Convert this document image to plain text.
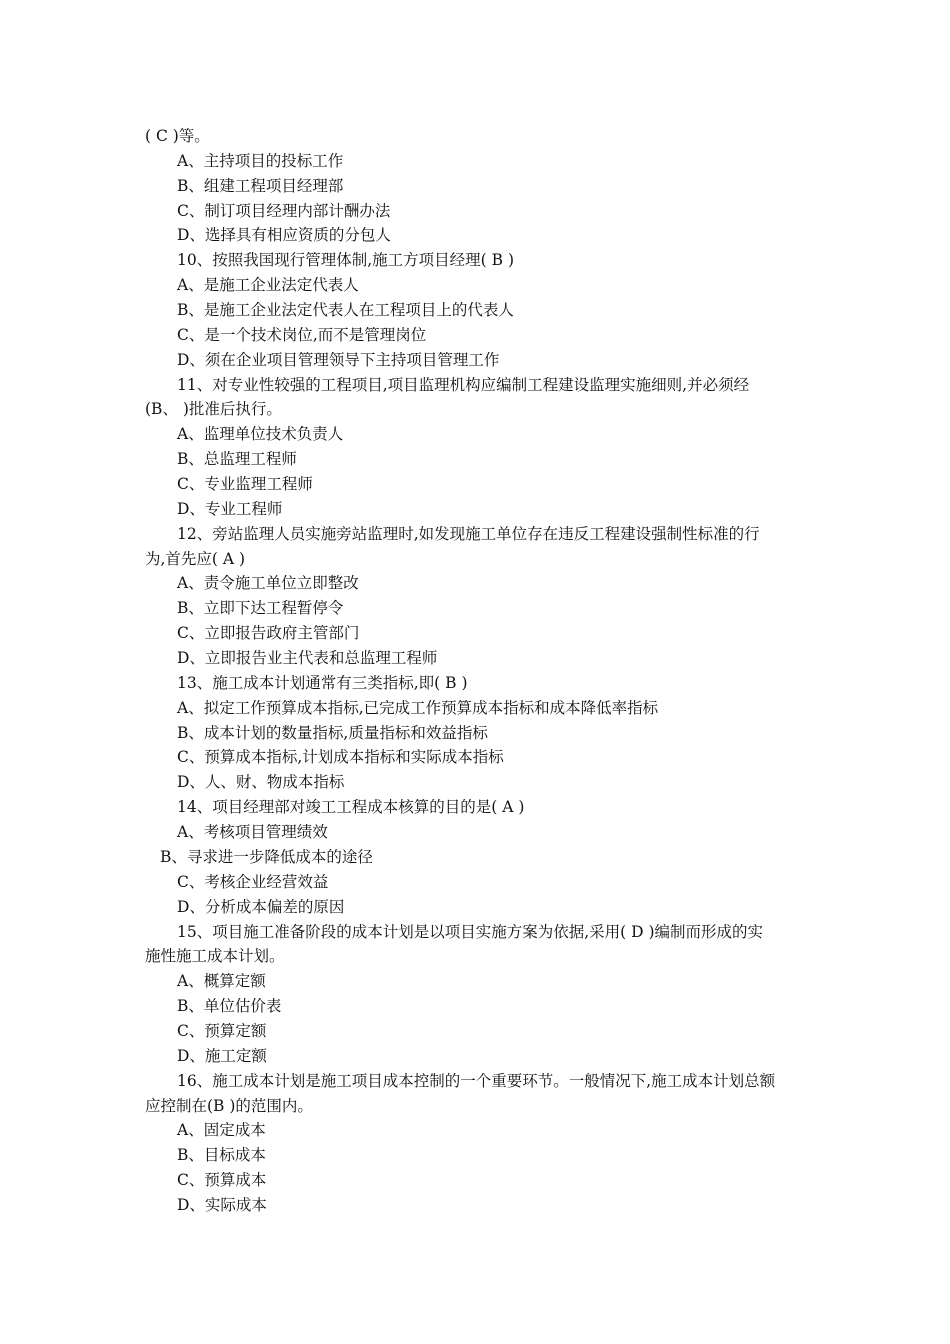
( C )等。
A、主持项目的投标工作
B、组建工程项目经理部
C、制订项目经理内部计酬办法
D、选择具有相应资质的分包人
10、按照我国现行管理体制,施工方项目经理( B )
A、是施工企业法定代表人
B、是施工企业法定代表人在工程项目上的代表人
C、是一个技术岗位,而不是管理岗位
D、须在企业项目管理领导下主持项目管理工作
11、对专业性较强的工程项目,项目监理机构应编制工程建设监理实施细则,并必须经
(B、 )批准后执行。
A、监理单位技术负责人
B、总监理工程师
C、专业监理工程师
D、专业工程师
12、旁站监理人员实施旁站监理时,如发现施工单位存在违反工程建设强制性标准的行
为,首先应( A )
A、责令施工单位立即整改
B、立即下达工程暂停令
C、立即报告政府主管部门
D、立即报告业主代表和总监理工程师
13、施工成本计划通常有三类指标,即( B )
A、拟定工作预算成本指标,已完成工作预算成本指标和成本降低率指标
B、成本计划的数量指标,质量指标和效益指标
C、预算成本指标,计划成本指标和实际成本指标
D、人、财、物成本指标
14、项目经理部对竣工工程成本核算的目的是( A )
A、考核项目管理绩效
B、寻求进一步降低成本的途径
C、考核企业经营效益
D、分析成本偏差的原因
15、项目施工准备阶段的成本计划是以项目实施方案为依据,采用( D )编制而形成的实
施性施工成本计划。
A、概算定额
B、单位估价表
C、预算定额
D、施工定额
16、施工成本计划是施工项目成本控制的一个重要环节。一般情况下,施工成本计划总额
应控制在(B )的范围内。
A、固定成本
B、目标成本
C、预算成本
D、实际成本
